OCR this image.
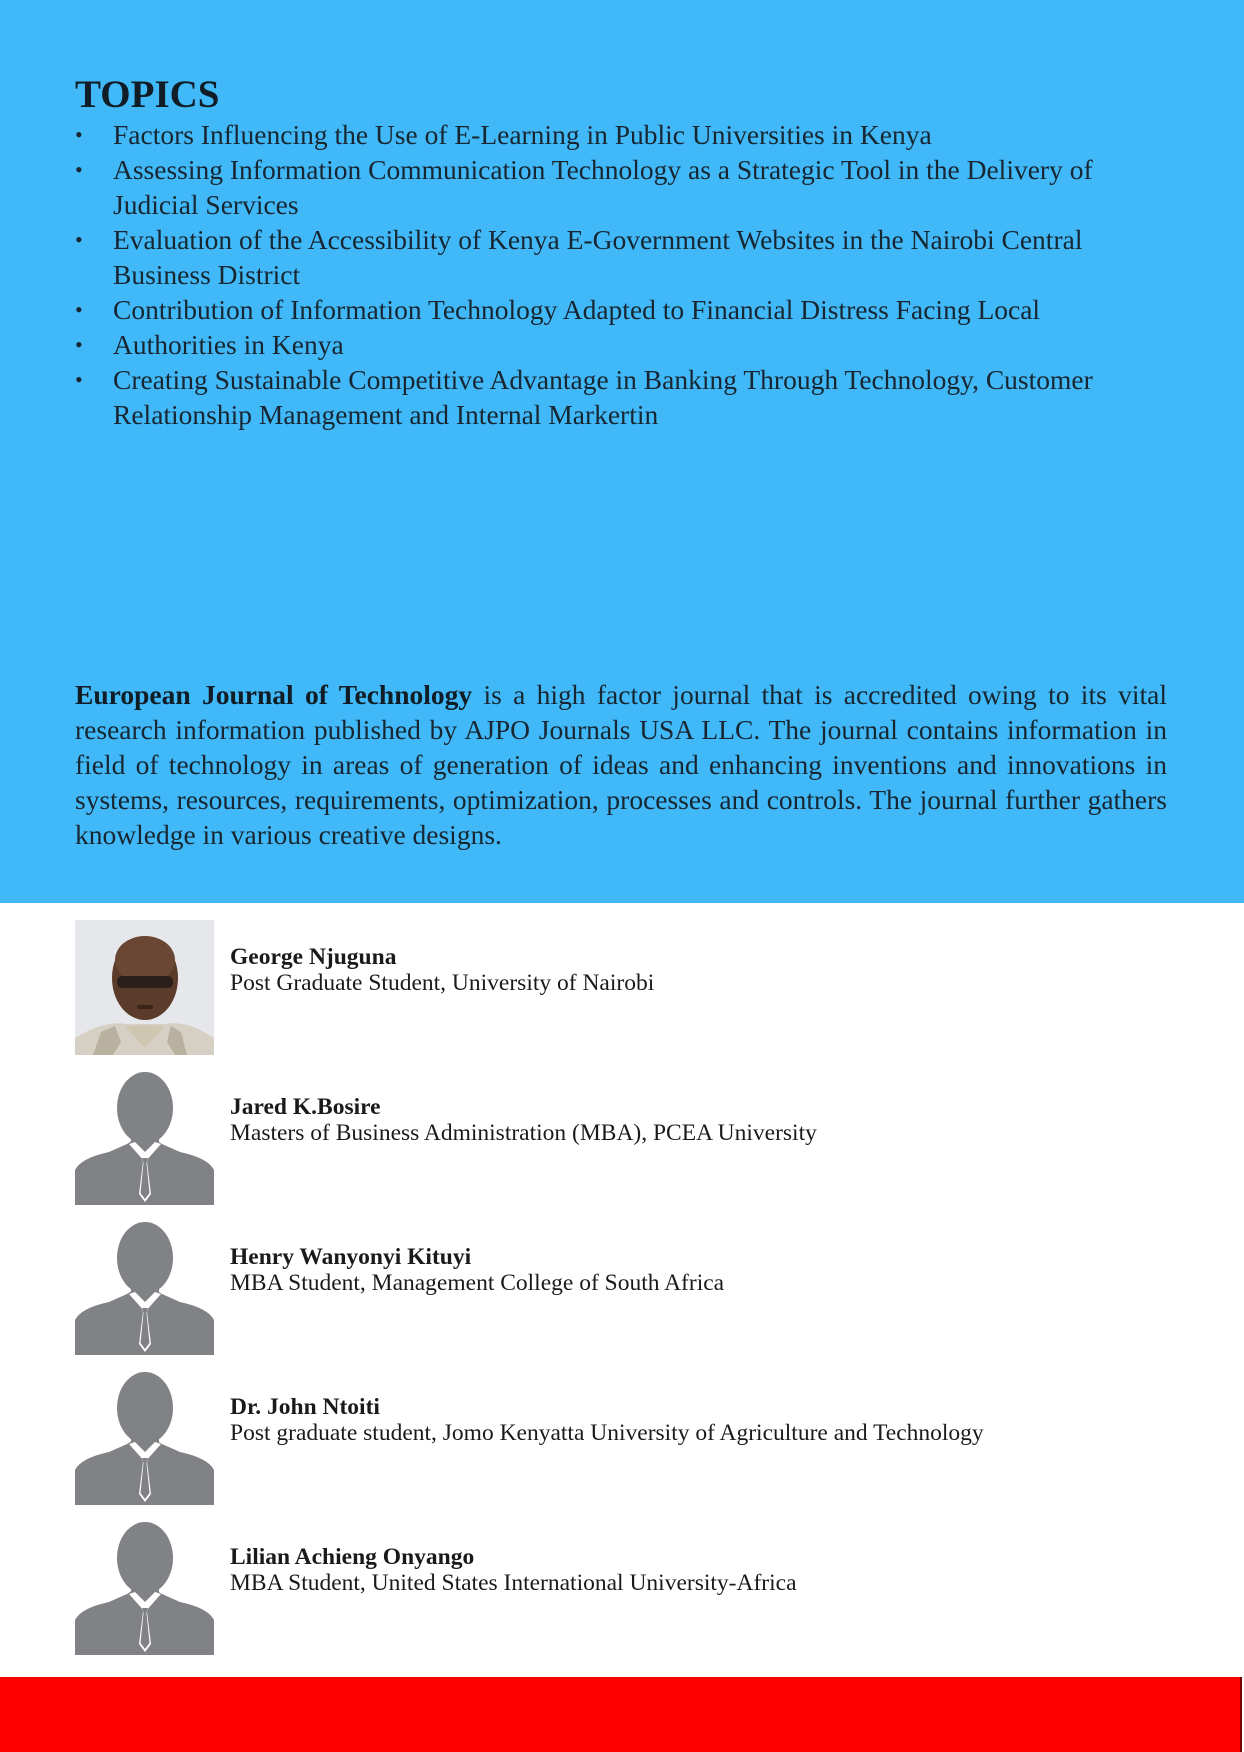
TOPICS
• Factors Influencing the Use of E-Learning in Public Universities in Kenya
• Assessing Information Communication Technology as a Strategic Tool in the Delivery of Judicial Services
• Evaluation of the Accessibility of Kenya E-Government Websites in the Nairobi Central Business District
• Contribution of Information Technology Adapted to Financial Distress Facing Local
• Authorities in Kenya
• Creating Sustainable Competitive Advantage in Banking Through Technology, Customer Relationship Management and Internal Markertin

European Journal of Technology is a high factor journal that is accredited owing to its vital research information published by AJPO Journals USA LLC. The journal contains information in field of technology in areas of generation of ideas and enhancing inventions and innovations in systems, resources, requirements, optimization, processes and controls. The journal further gathers knowledge in various creative designs.

George Njuguna
Post Graduate Student, University of Nairobi
Jared K.Bosire
Masters of Business Administration (MBA), PCEA University
Henry Wanyonyi Kituyi
MBA Student, Management College of South Africa
Dr. John Ntoiti
Post graduate student, Jomo Kenyatta University of Agriculture and Technology
Lilian Achieng Onyango
MBA Student, United States International University-Africa
